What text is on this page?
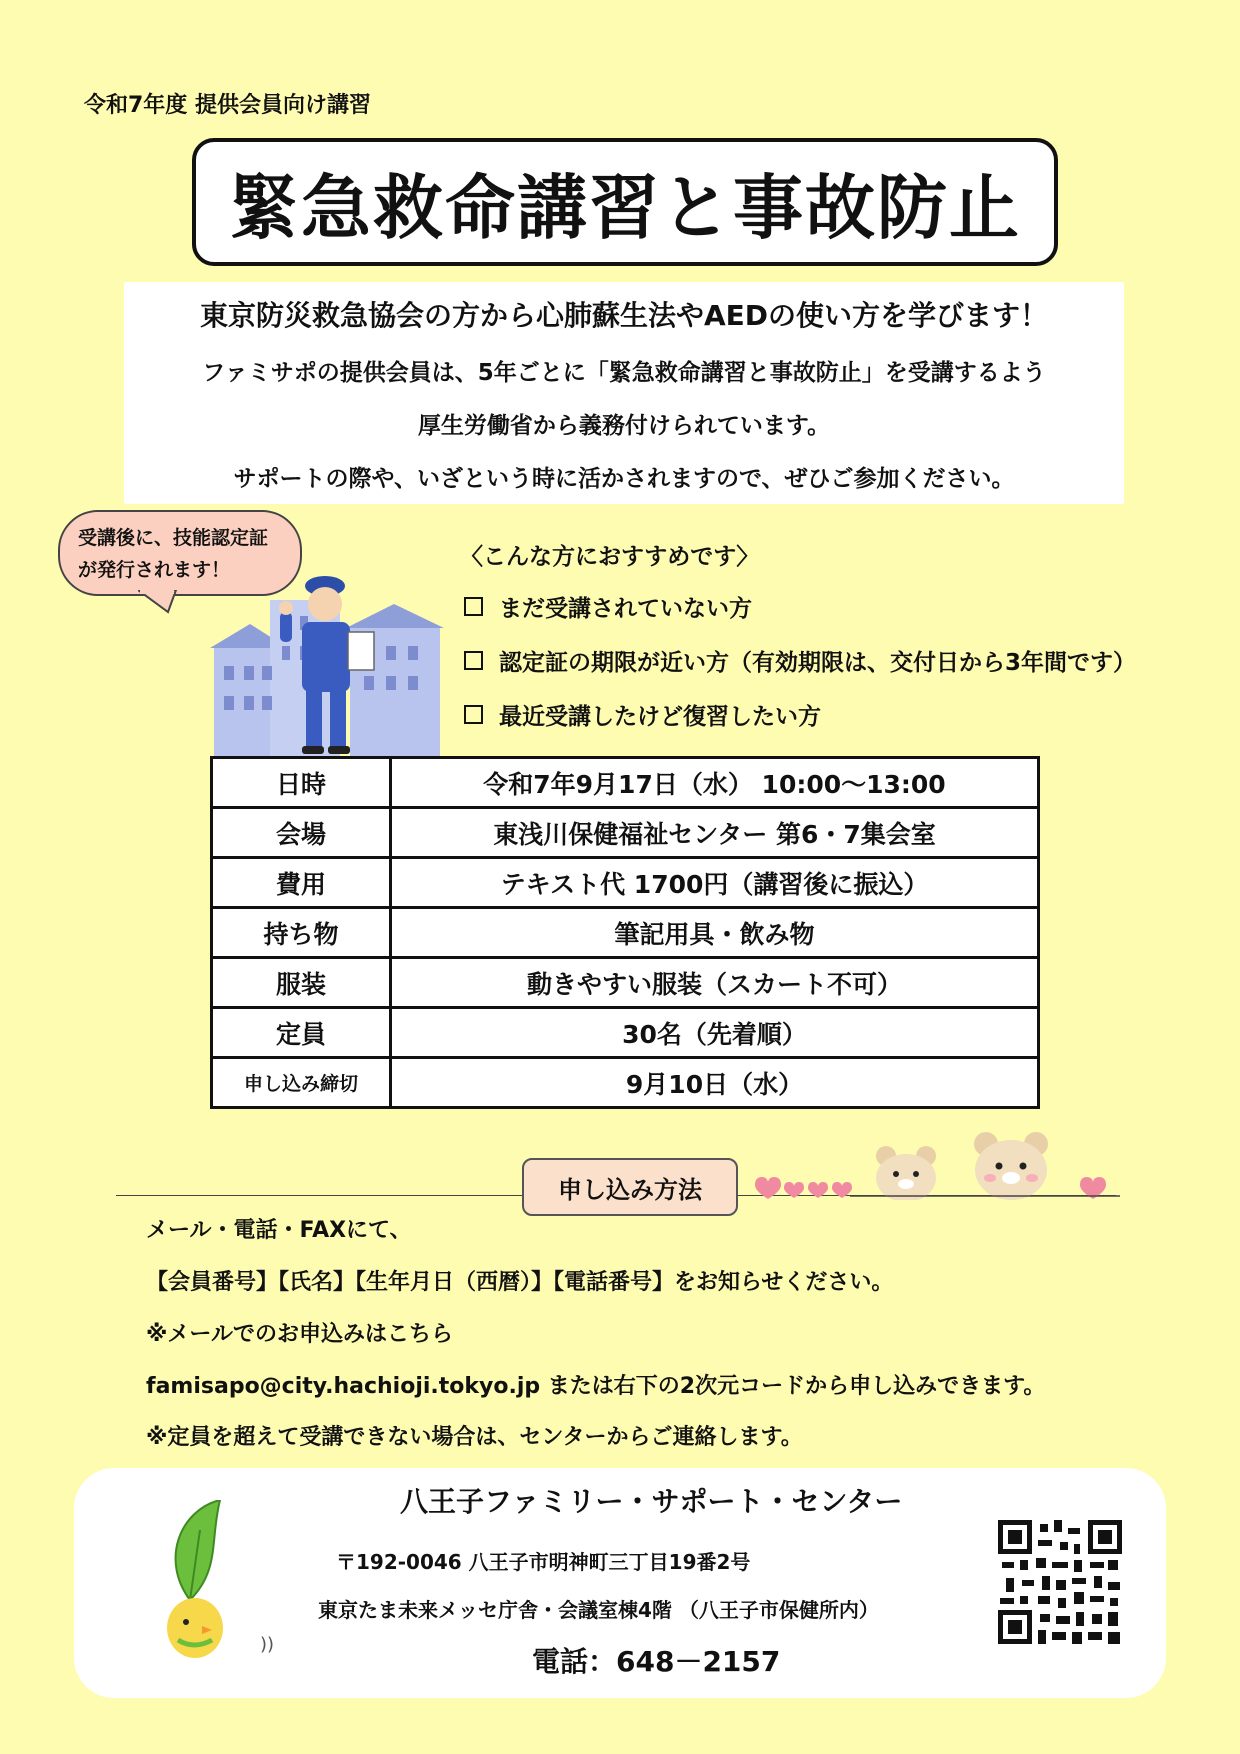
令和7年度 提供会員向け講習
緊急救命講習と事故防止
東京防災救急協会の方から心肺蘇生法やAEDの使い方を学びます！
ファミサポの提供会員は、5年ごとに「緊急救命講習と事故防止」を受講するよう
厚生労働省から義務付けられています。
サポートの際や、いざという時に活かされますので、ぜひご参加ください。
受講後に、技能認定証
が発行されます！	〈こんな方におすすめです〉
まだ受講されていない方
認定証の期限が近い方（有効期限は、交付日から3年間です）
最近受講したけど復習したい方
日時	令和7年9月17日（水） 10:00～13:00
会場	東浅川保健福祉センター 第6・7集会室
費用	テキスト代 1700円（講習後に振込）
持ち物	筆記用具・飲み物
服装	動きやすい服装（スカート不可）
定員	30名（先着順）
申し込み締切	9月10日（水）
申し込み方法
メール・電話・FAXにて、
【会員番号】【氏名】【生年月日（西暦）】【電話番号】をお知らせください。
※メールでのお申込みはこちら
famisapo@city.hachioji.tokyo.jp または右下の2次元コードから申し込みできます。
※定員を超えて受講できない場合は、センターからご連絡します。
八王子ファミリー・サポート・センター
〒192-0046 八王子市明神町三丁目19番2号
東京たま未来メッセ庁舎・会議室棟4階 （八王子市保健所内）
電話：648－2157
))
